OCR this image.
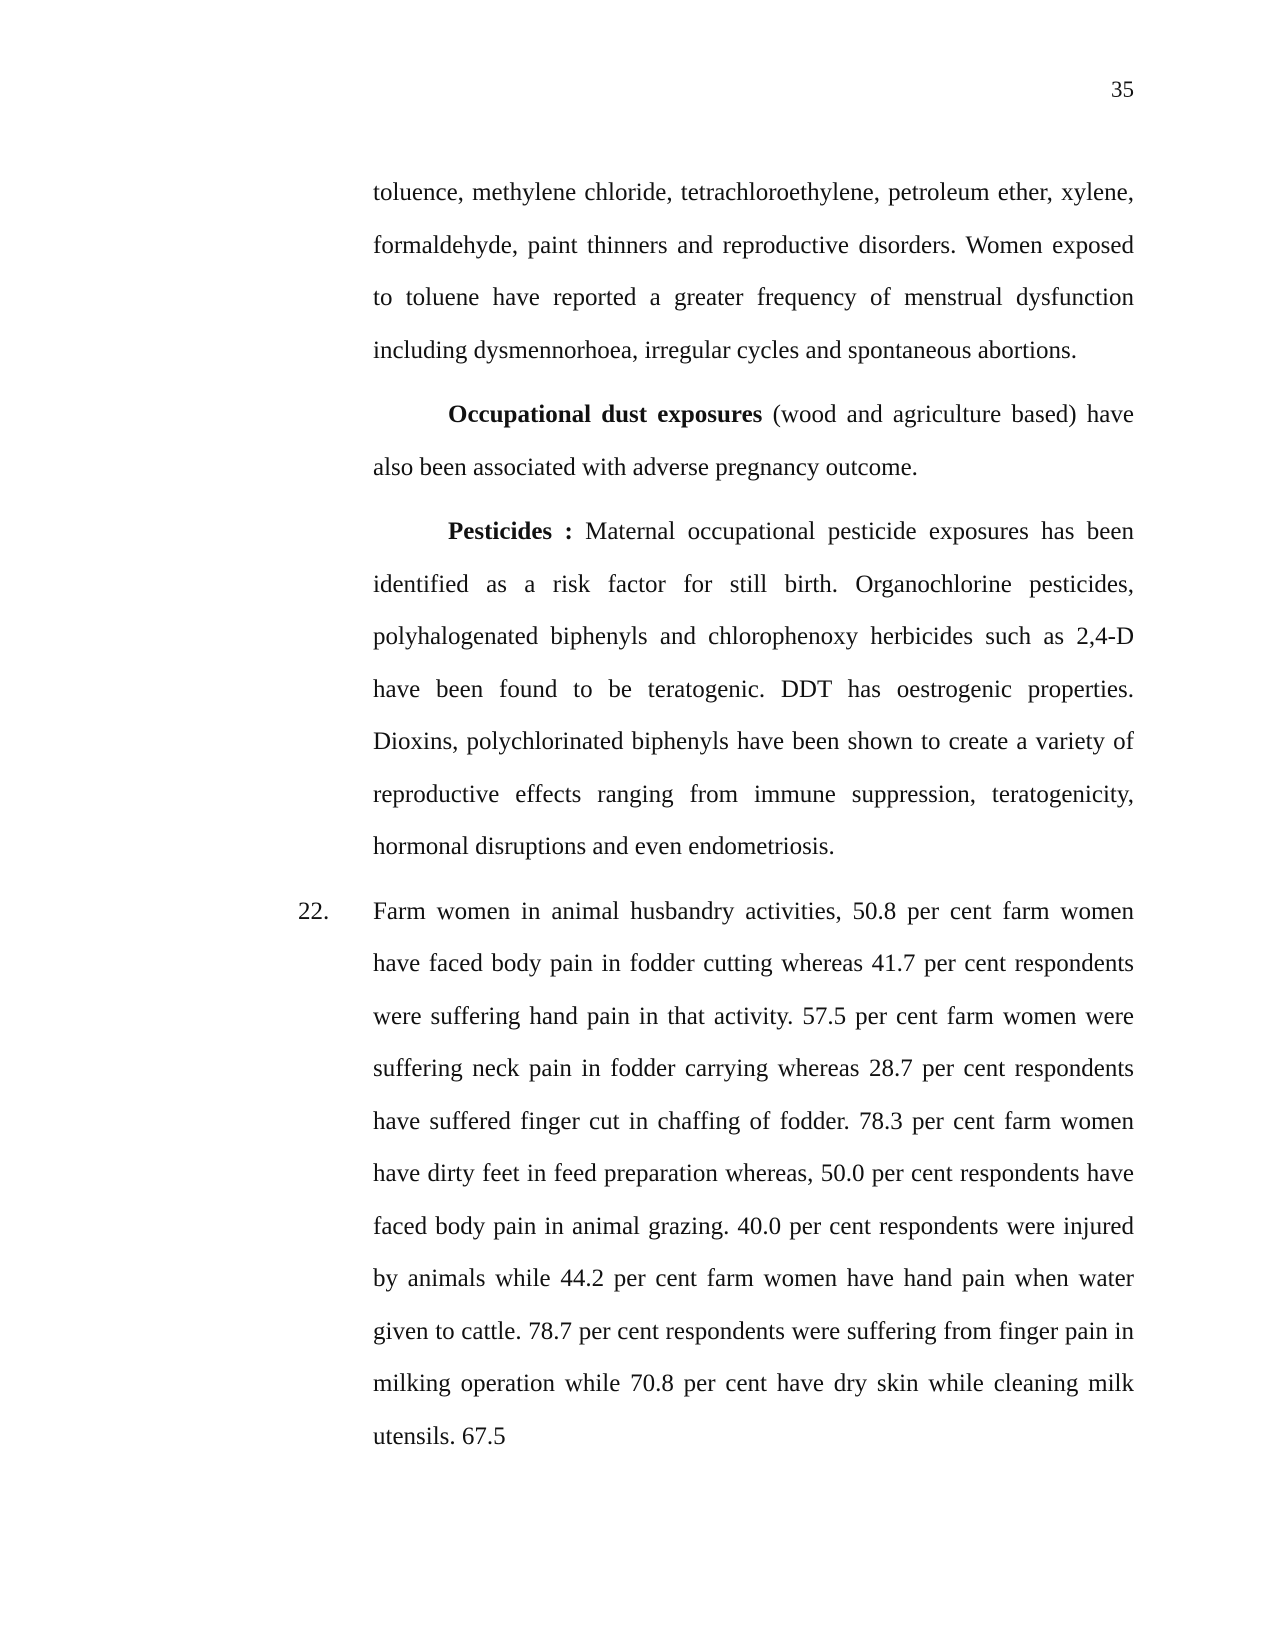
35

toluence, methylene chloride, tetrachloroethylene, petroleum ether, xylene, formaldehyde, paint thinners and reproductive disorders. Women exposed to toluene have reported a greater frequency of menstrual dysfunction including dysmennorhoea, irregular cycles and spontaneous abortions.

Occupational dust exposures (wood and agriculture based) have also been associated with adverse pregnancy outcome.

Pesticides : Maternal occupational pesticide exposures has been identified as a risk factor for still birth. Organochlorine pesticides, polyhalogenated biphenyls and chlorophenoxy herbicides such as 2,4-D have been found to be teratogenic. DDT has oestrogenic properties. Dioxins, polychlorinated biphenyls have been shown to create a variety of reproductive effects ranging from immune suppression, teratogenicity, hormonal disruptions and even endometriosis.

22. Farm women in animal husbandry activities, 50.8 per cent farm women have faced body pain in fodder cutting whereas 41.7 per cent respondents were suffering hand pain in that activity. 57.5 per cent farm women were suffering neck pain in fodder carrying whereas 28.7 per cent respondents have suffered finger cut in chaffing of fodder. 78.3 per cent farm women have dirty feet in feed preparation whereas, 50.0 per cent respondents have faced body pain in animal grazing. 40.0 per cent respondents were injured by animals while 44.2 per cent farm women have hand pain when water given to cattle. 78.7 per cent respondents were suffering from finger pain in milking operation while 70.8 per cent have dry skin while cleaning milk utensils. 67.5
